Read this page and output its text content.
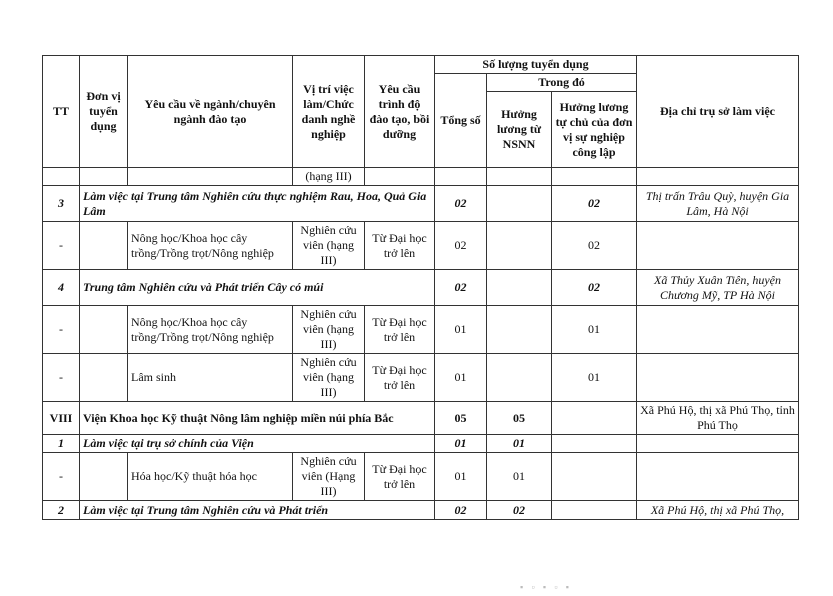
TT	Đơn vị tuyển dụng	Yêu cầu về ngành/chuyên ngành đào tạo	Vị trí việc làm/Chức danh nghề nghiệp	Yêu cầu trình độ đào tạo, bồi dưỡng	Số lượng tuyển dụng			Địa chỉ trụ sở làm việc
					Tổng số	Trong đó		
						Hưởng lương từ NSNN	Hưởng lương tự chủ của đơn vị sự nghiệp công lập	
			(hạng III)					
3	Làm việc tại Trung tâm Nghiên cứu thực nghiệm Rau, Hoa, Quả Gia Lâm				02		02	Thị trấn Trâu Quỳ, huyện Gia Lâm, Hà Nội
-		Nông học/Khoa học cây trồng/Trồng trọt/Nông nghiệp	Nghiên cứu viên (hạng III)	Từ Đại học trở lên	02		02	
4	Trung tâm Nghiên cứu và Phát triển Cây có múi				02		02	Xã Thủy Xuân Tiên, huyện Chương Mỹ, TP Hà Nội
-		Nông học/Khoa học cây trồng/Trồng trọt/Nông nghiệp	Nghiên cứu viên (hạng III)	Từ Đại học trở lên	01		01	
-		Lâm sinh	Nghiên cứu viên (hạng III)	Từ Đại học trở lên	01		01	
VIII	Viện Khoa học Kỹ thuật Nông lâm nghiệp miền núi phía Bắc				05	05		Xã Phú Hộ, thị xã Phú Thọ, tỉnh Phú Thọ
1	Làm việc tại trụ sở chính của Viện				01	01		
-		Hóa học/Kỹ thuật hóa học	Nghiên cứu viên (Hạng III)	Từ Đại học trở lên	01	01		
2	Làm việc tại Trung tâm Nghiên cứu và Phát triển				02	02		Xã Phú Hộ, thị xã Phú Thọ,
▪ ▫ ▪ ▫ ▪
